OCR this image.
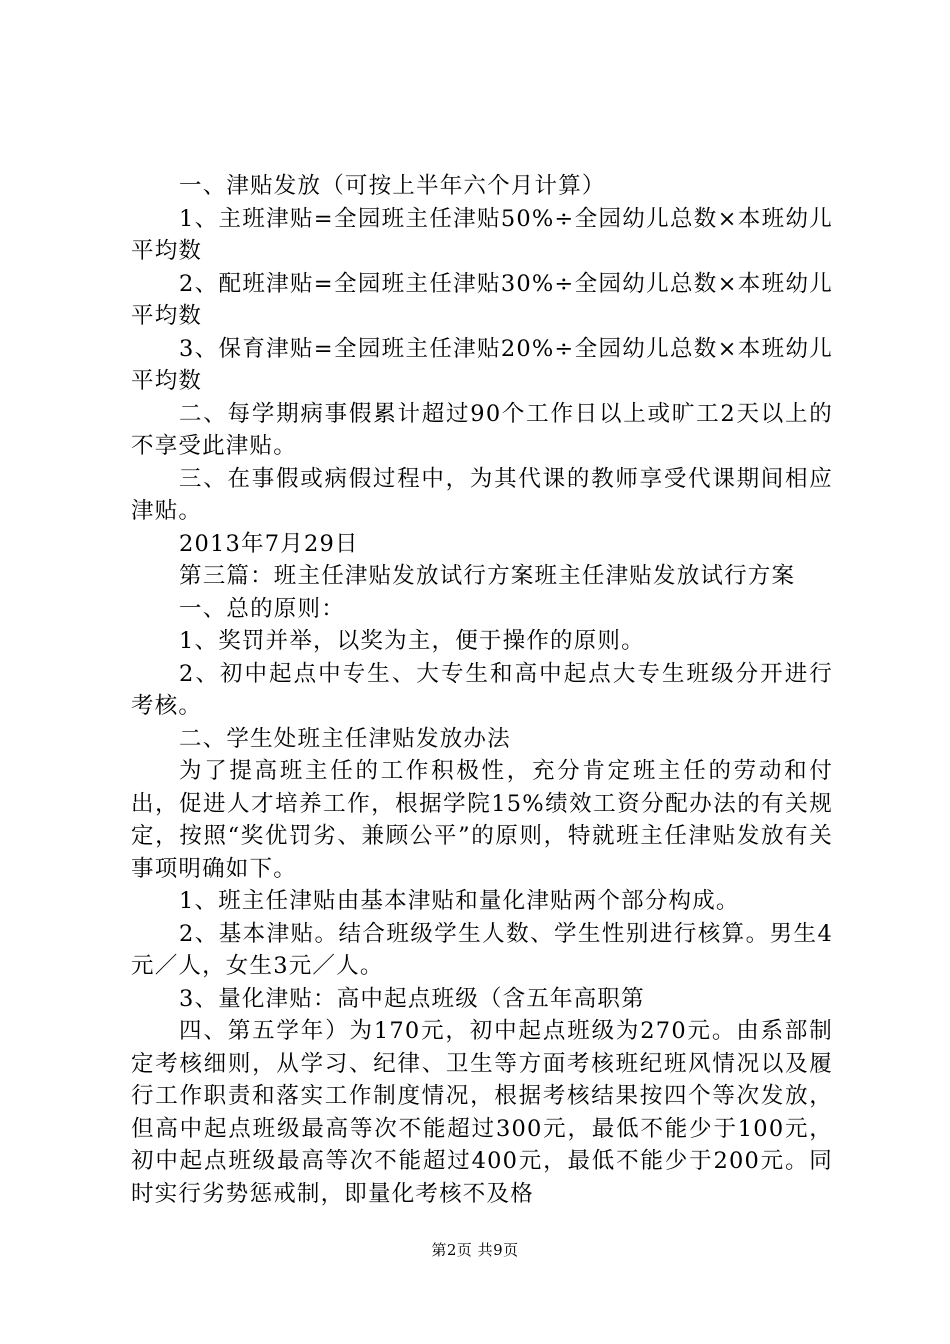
一、津贴发放（可按上半年六个月计算）

1、主班津贴=全园班主任津贴50%÷全园幼儿总数×本班幼儿平均数

2、配班津贴=全园班主任津贴30%÷全园幼儿总数×本班幼儿平均数

3、保育津贴=全园班主任津贴20%÷全园幼儿总数×本班幼儿平均数

二、每学期病事假累计超过90个工作日以上或旷工2天以上的不享受此津贴。

三、在事假或病假过程中，为其代课的教师享受代课期间相应津贴。

2013年7月29日

第三篇：班主任津贴发放试行方案班主任津贴发放试行方案

一、总的原则：

1、奖罚并举，以奖为主，便于操作的原则。

2、初中起点中专生、大专生和高中起点大专生班级分开进行考核。

二、学生处班主任津贴发放办法

为了提高班主任的工作积极性，充分肯定班主任的劳动和付出，促进人才培养工作，根据学院15%绩效工资分配办法的有关规定，按照“奖优罚劣、兼顾公平”的原则，特就班主任津贴发放有关事项明确如下。

1、班主任津贴由基本津贴和量化津贴两个部分构成。

2、基本津贴。结合班级学生人数、学生性别进行核算。男生4元／人，女生3元／人。

3、量化津贴：高中起点班级（含五年高职第

四、第五学年）为170元，初中起点班级为270元。由系部制定考核细则，从学习、纪律、卫生等方面考核班纪班风情况以及履行工作职责和落实工作制度情况，根据考核结果按四个等次发放，但高中起点班级最高等次不能超过300元，最低不能少于100元，初中起点班级最高等次不能超过400元，最低不能少于200元。同时实行劣势惩戒制，即量化考核不及格

第2页 共9页
